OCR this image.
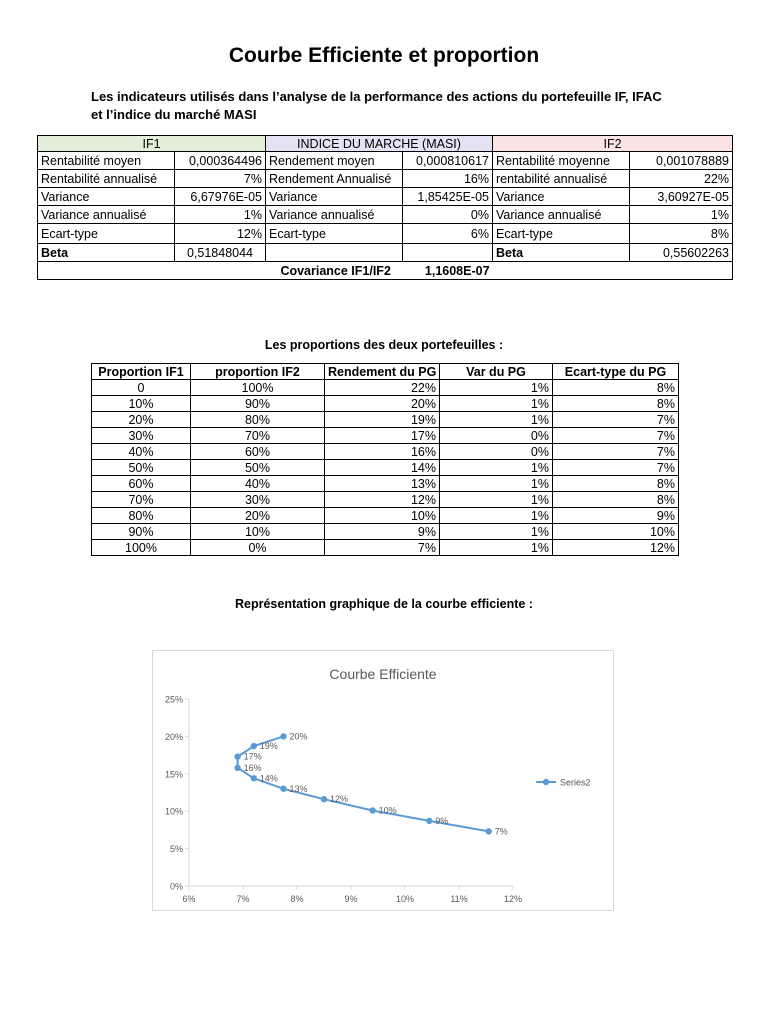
Courbe Efficiente et proportion
Les indicateurs utilisés dans l’analyse de la performance des actions du portefeuille IF, IFAC
et l’indice du marché MASI
IF1		INDICE DU MARCHE (MASI)		IF2	
Rentabilité moyen	0,000364496	Rendement moyen	0,000810617	Rentabilité moyenne	0,001078889
Rentabilité annualisé	7%	Rendement Annualisé	16%	rentabilité annualisé	22%
Variance	6,67976E-05	Variance	1,85425E-05	Variance	3,60927E-05
Variance annualisé	1%	Variance annualisé	0%	Variance annualisé	1%
Ecart-type	12%	Ecart-type	6%	Ecart-type	8%
Beta	0,51848044			Beta	0,55602263

Covariance IF1/IF2 1,1608E-07					
Les proportions des deux portefeuilles :
Proportion IF1	proportion IF2	Rendement du PG	Var du PG	Ecart-type du PG
0	100%	22%	1%	8%
10%	90%	20%	1%	8%
20%	80%	19%	1%	7%
30%	70%	17%	0%	7%
40%	60%	16%	0%	7%
50%	50%	14%	1%	7%
60%	40%	13%	1%	8%
70%	30%	12%	1%	8%
80%	20%	10%	1%	9%
90%	10%	9%	1%	10%
100%	0%	7%	1%	12%
Représentation graphique de la courbe efficiente :
Courbe Efficiente
0%
5%
10%
15%
20%
25%
6%	7%	8%	9%	10%	11%	12%
20%
19%
17%
16%
14%
13%
12%
10%
9%
7%
Series2
